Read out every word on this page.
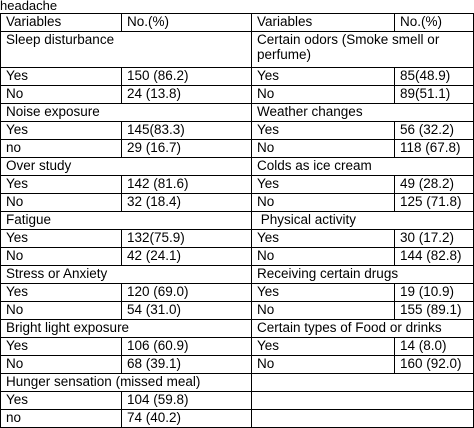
headache
Variables	No.(%)	Variables	No.(%)
Sleep disturbance		Certain odors (Smoke smell or perfume)	
Yes	150 (86.2)	Yes	85(48.9)
No	24 (13.8)	No	89(51.1)
Noise exposure		Weather changes	
Yes	145(83.3)	Yes	56 (32.2)
no	29 (16.7)	No	118 (67.8)
Over study		Colds as ice cream	
Yes	142 (81.6)	Yes	49 (28.2)
No	32 (18.4)	No	125 (71.8)
Fatigue		Physical activity	
Yes	132(75.9)	Yes	30 (17.2)
No	42 (24.1)	No	144 (82.8)
Stress or Anxiety		Receiving certain drugs	
Yes	120 (69.0)	Yes	19 (10.9)
No	54 (31.0)	No	155 (89.1)
Bright light exposure		Certain types of Food or drinks	
Yes	106 (60.9)	Yes	14 (8.0)
No	68 (39.1)	No	160 (92.0)
Hunger sensation (missed meal)			
Yes	104 (59.8)		
no	74 (40.2)		
